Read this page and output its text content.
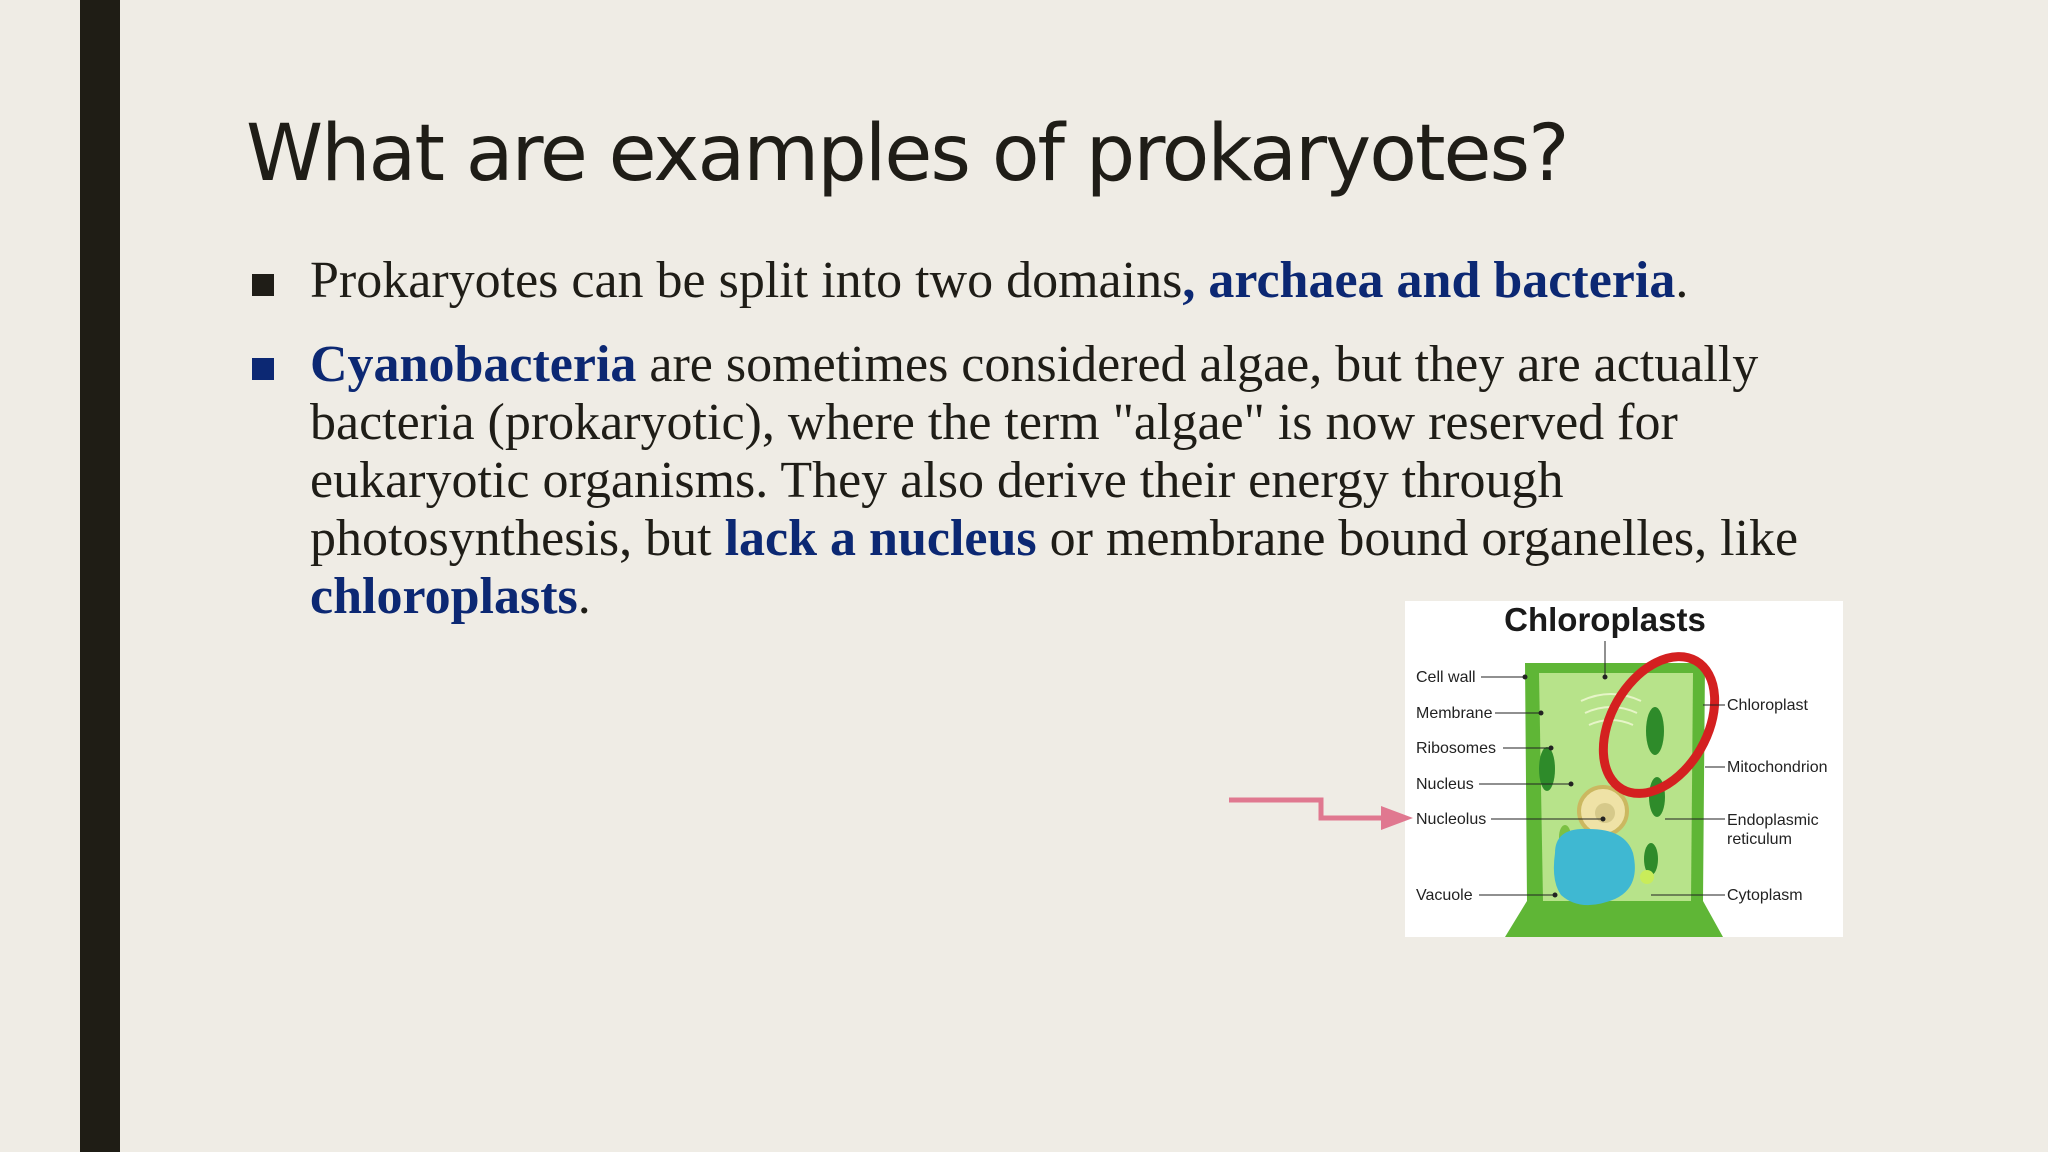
What are examples of prokaryotes?
Prokaryotes can be split into two domains, archaea and bacteria.
Cyanobacteria are sometimes considered algae, but they are actually bacteria (prokaryotic), where the term "algae" is now reserved for eukaryotic organisms. They also derive their energy through photosynthesis, but lack a nucleus or membrane bound organelles, like chloroplasts.	Chloroplasts
Cell wall
Membrane
Ribosomes
Nucleus
Nucleolus
Vacuole
Chloroplast
Mitochondrion
Endoplasmic
reticulum
Cytoplasm
